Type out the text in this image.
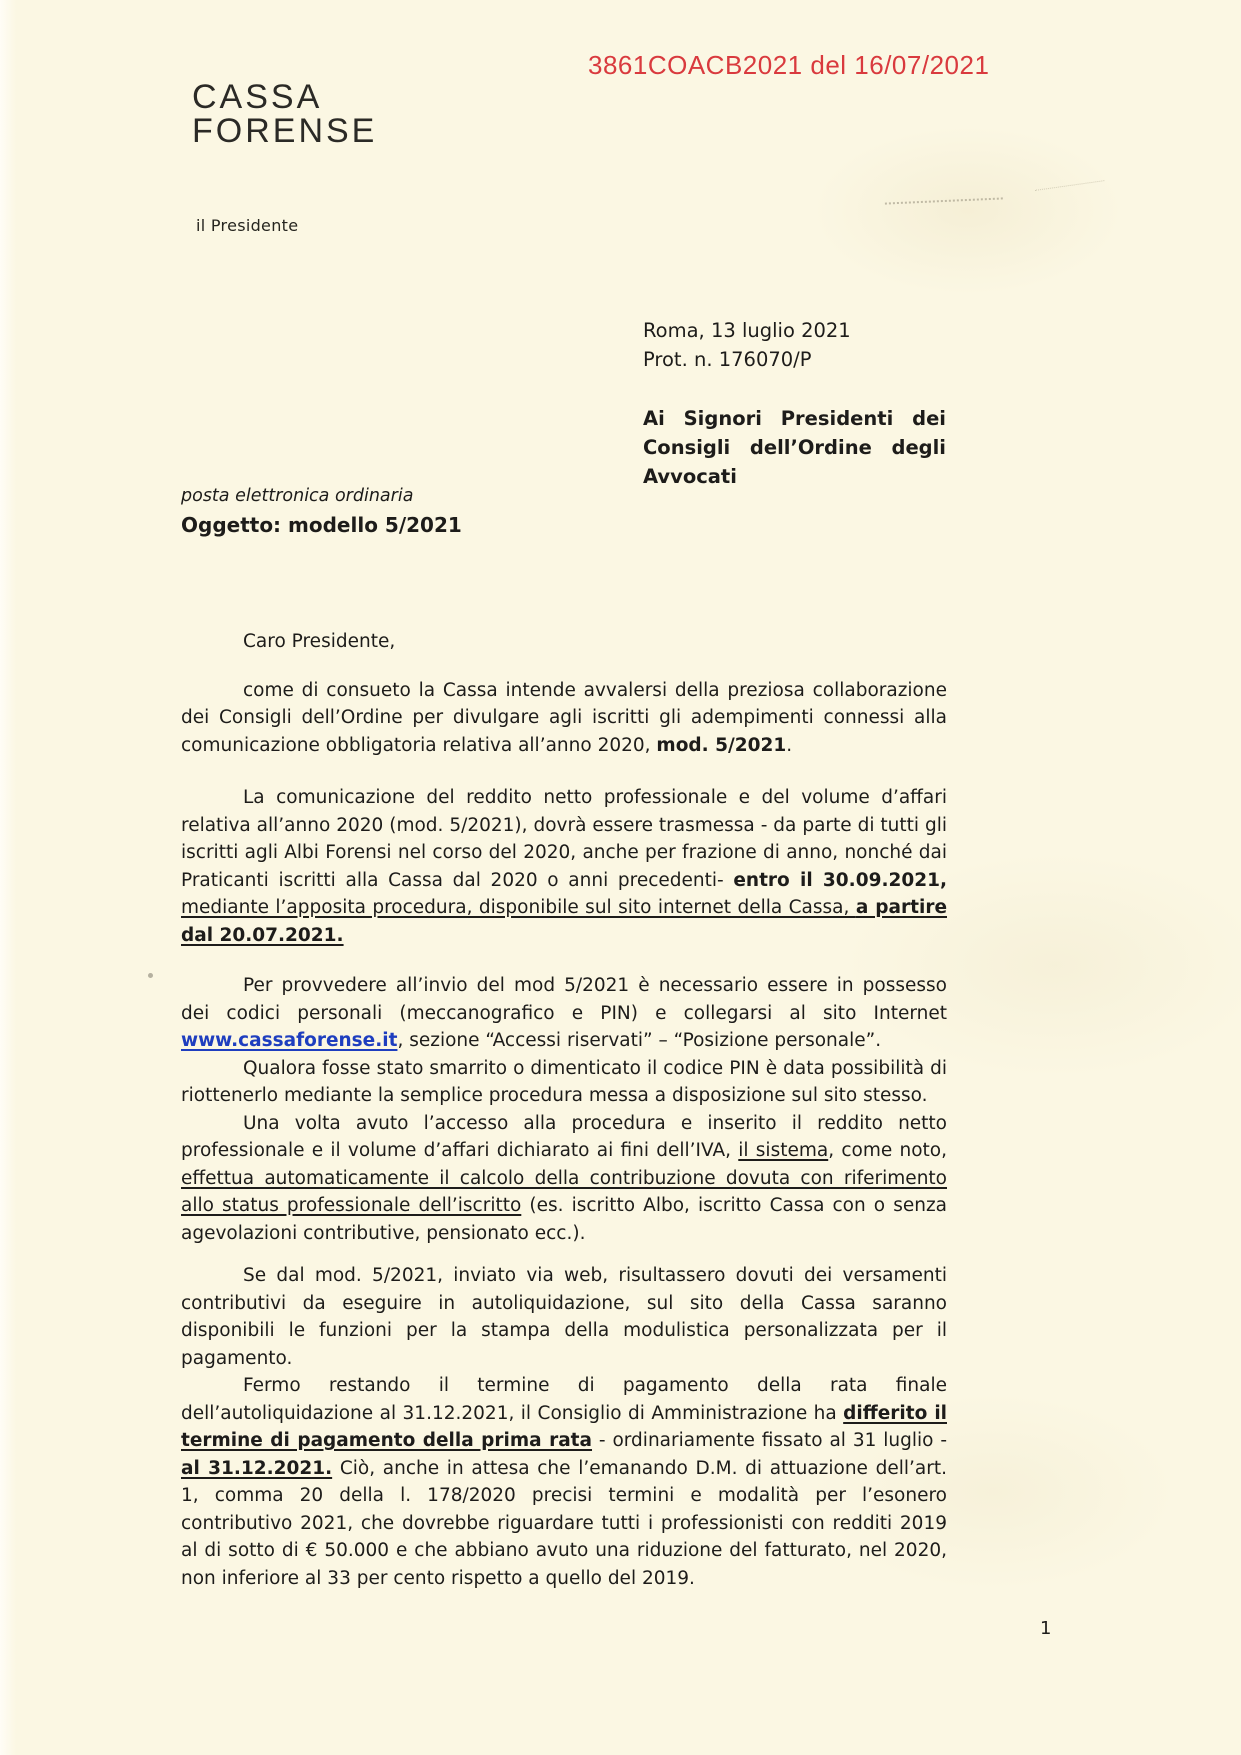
3861COACB2021 del 16/07/2021
CASSA
FORENSE
il Presidente
Roma, 13 luglio 2021
Prot. n. 176070/P
Ai Signori Presidenti dei Consigli dell’Ordine degli Avvocati
posta elettronica ordinaria
Oggetto: modello 5/2021

Caro Presidente,

come di consueto la Cassa intende avvalersi della preziosa collaborazione dei Consigli dell’Ordine per divulgare agli iscritti gli adempimenti connessi alla comunicazione obbligatoria relativa all’anno 2020, mod. 5/2021.

La comunicazione del reddito netto professionale e del volume d’affari relativa all’anno 2020 (mod. 5/2021), dovrà essere trasmessa - da parte di tutti gli iscritti agli Albi Forensi nel corso del 2020, anche per frazione di anno, nonché dai Praticanti iscritti alla Cassa dal 2020 o anni precedenti- entro il 30.09.2021, mediante l’apposita procedura, disponibile sul sito internet della Cassa, a partire dal 20.07.2021.

Per provvedere all’invio del mod 5/2021 è necessario essere in possesso dei codici personali (meccanografico e PIN) e collegarsi al sito Internet www.cassaforense.it, sezione “Accessi riservati” – “Posizione personale”.

Qualora fosse stato smarrito o dimenticato il codice PIN è data possibilità di riottenerlo mediante la semplice procedura messa a disposizione sul sito stesso.

Una volta avuto l’accesso alla procedura e inserito il reddito netto professionale e il volume d’affari dichiarato ai fini dell’IVA, il sistema, come noto, effettua automaticamente il calcolo della contribuzione dovuta con riferimento allo status professionale dell’iscritto (es. iscritto Albo, iscritto Cassa con o senza agevolazioni contributive, pensionato ecc.).

Se dal mod. 5/2021, inviato via web, risultassero dovuti dei versamenti contributivi da eseguire in autoliquidazione, sul sito della Cassa saranno disponibili le funzioni per la stampa della modulistica personalizzata per il pagamento.

Fermo restando il termine di pagamento della rata finale dell’autoliquidazione al 31.12.2021, il Consiglio di Amministrazione ha differito il termine di pagamento della prima rata - ordinariamente fissato al 31 luglio - al 31.12.2021. Ciò, anche in attesa che l’emanando D.M. di attuazione dell’art. 1, comma 20 della l. 178/2020 precisi termini e modalità per l’esonero contributivo 2021, che dovrebbe riguardare tutti i professionisti con redditi 2019 al di sotto di € 50.000 e che abbiano avuto una riduzione del fatturato, nel 2020, non inferiore al 33 per cento rispetto a quello del 2019.

1
